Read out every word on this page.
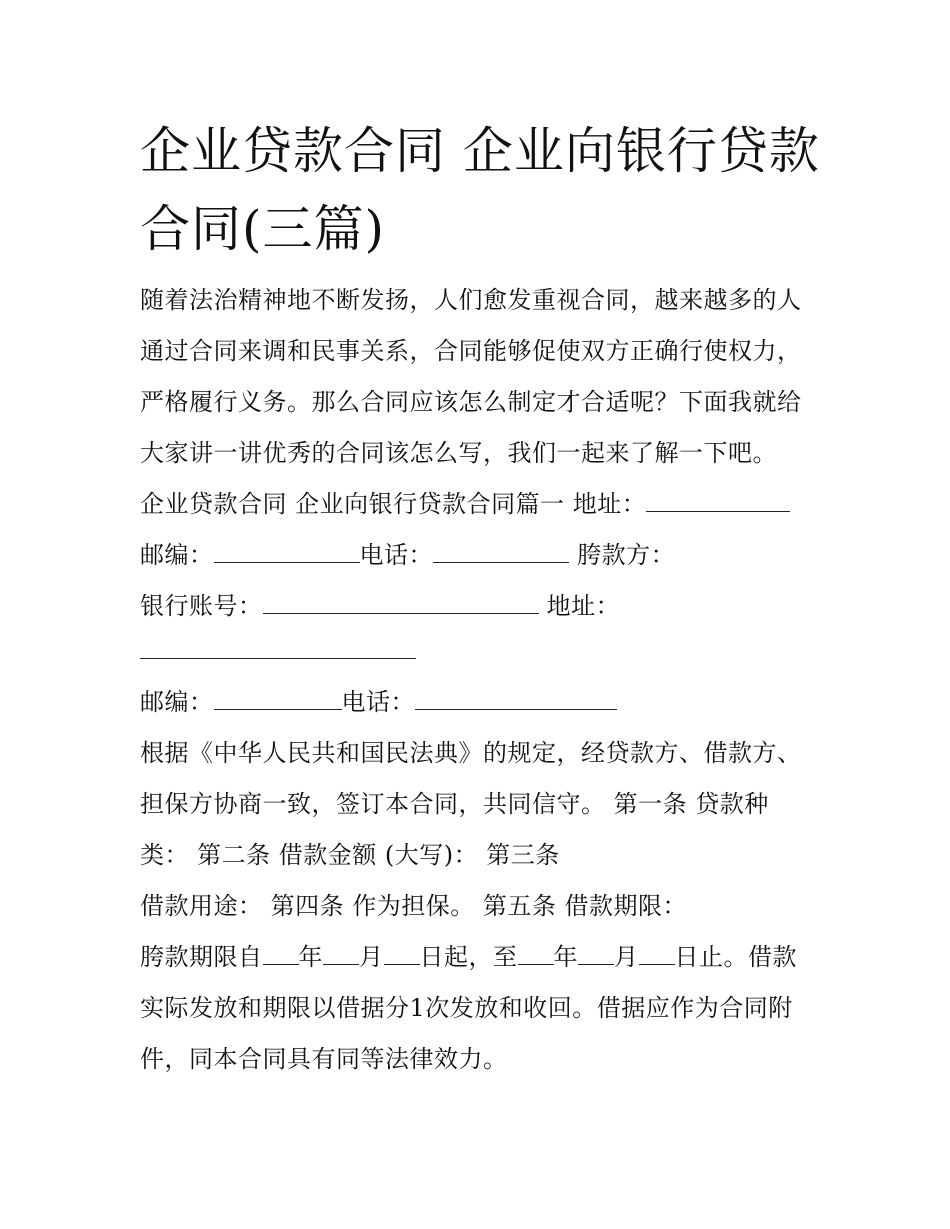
企业贷款合同 企业向银行贷款
合同(三篇)
随着法治精神地不断发扬，人们愈发重视合同，越来越多的人
通过合同来调和民事关系，合同能够促使双方正确行使权力，
严格履行义务。那么合同应该怎么制定才合适呢？下面我就给
大家讲一讲优秀的合同该怎么写，我们一起来了解一下吧。
企业贷款合同 企业向银行贷款合同篇一 地址：
邮编：	电话：	胯款方：
银行账号：	地址：
邮编：	电话：
根据《中华人民共和国民法典》的规定，经贷款方、借款方、
担保方协商一致，签订本合同，共同信守。 第一条 贷款种
类： 第二条 借款金额 (大写)： 第三条
借款用途： 第四条 作为担保。 第五条 借款期限：
胯款期限自 年 月 日起，至 年 月 日止。借款
实际发放和期限以借据分1次发放和收回。借据应作为合同附
件，同本合同具有同等法律效力。
